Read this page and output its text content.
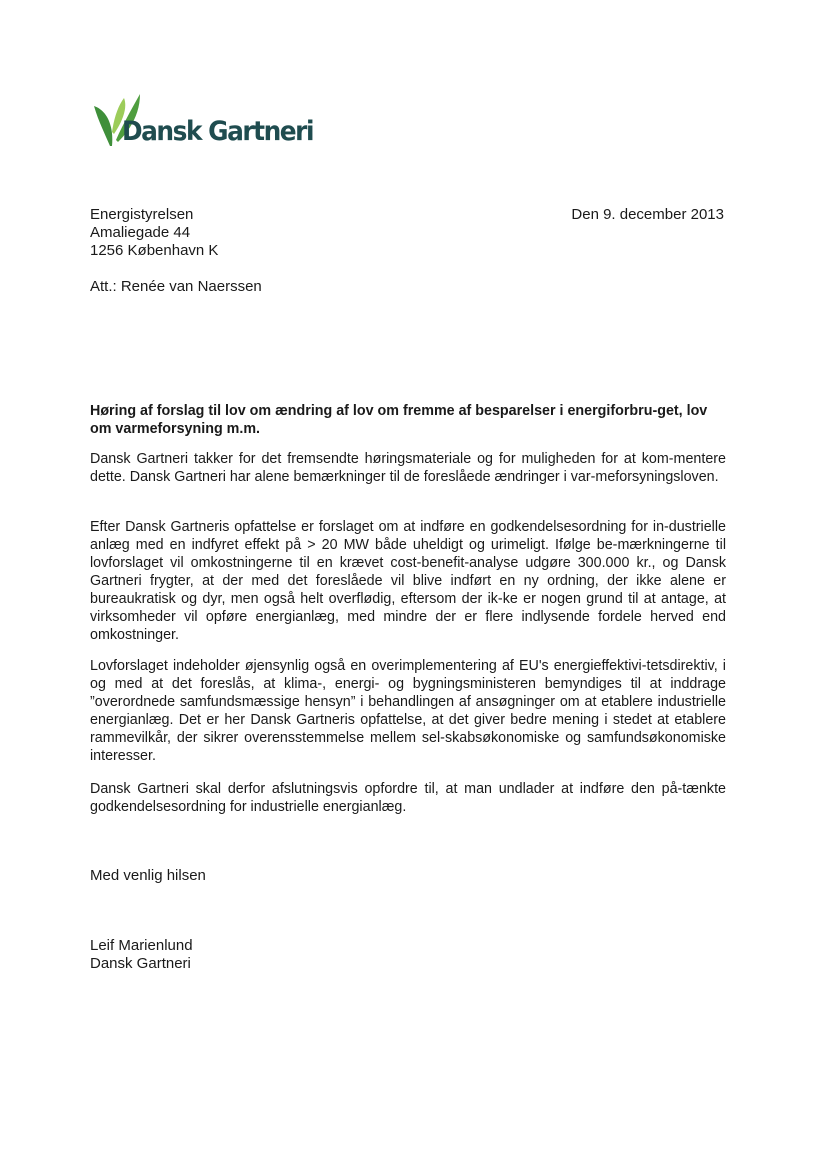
Dansk Gartneri
Energistyrelsen
Amaliegade 44
1256 København K
Den 9. december 2013
Att.: Renée van Naerssen
Høring af forslag til lov om ændring af lov om fremme af besparelser i energiforbru-get, lov om varmeforsyning m.m.

Dansk Gartneri takker for det fremsendte høringsmateriale og for muligheden for at kom-mentere dette. Dansk Gartneri har alene bemærkninger til de foreslåede ændringer i var-meforsyningsloven.

Efter Dansk Gartneris opfattelse er forslaget om at indføre en godkendelsesordning for in-dustrielle anlæg med en indfyret effekt på > 20 MW både uheldigt og urimeligt. Ifølge be-mærkningerne til lovforslaget vil omkostningerne til en krævet cost-benefit-analyse udgøre 300.000 kr., og Dansk Gartneri frygter, at der med det foreslåede vil blive indført en ny ordning, der ikke alene er bureaukratisk og dyr, men også helt overflødig, eftersom der ik-ke er nogen grund til at antage, at virksomheder vil opføre energianlæg, med mindre der er flere indlysende fordele herved end omkostninger.

Lovforslaget indeholder øjensynlig også en overimplementering af EU's energieffektivi-tetsdirektiv, i og med at det foreslås, at klima-, energi- og bygningsministeren bemyndiges til at inddrage ”overordnede samfundsmæssige hensyn” i behandlingen af ansøgninger om at etablere industrielle energianlæg. Det er her Dansk Gartneris opfattelse, at det giver bedre mening i stedet at etablere rammevilkår, der sikrer overensstemmelse mellem sel-skabsøkonomiske og samfundsøkonomiske interesser.

Dansk Gartneri skal derfor afslutningsvis opfordre til, at man undlader at indføre den på-tænkte godkendelsesordning for industrielle energianlæg.

Med venlig hilsen
Leif Marienlund
Dansk Gartneri
